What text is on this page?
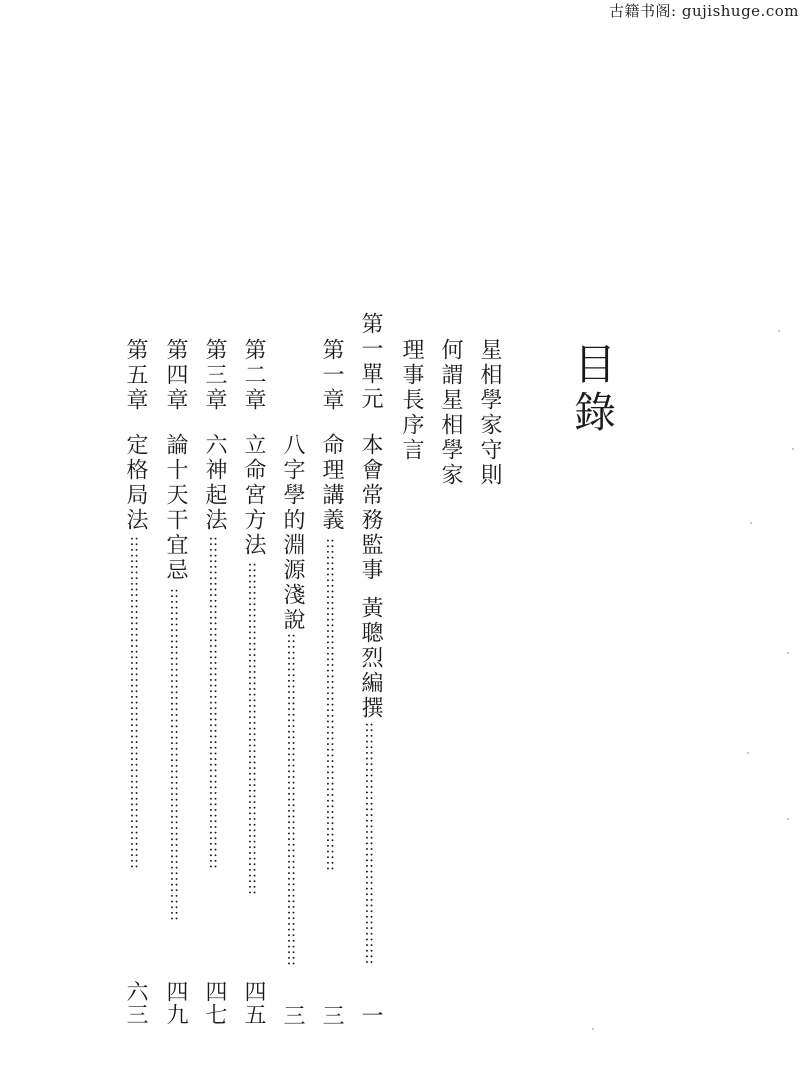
古籍书阁: gujishuge.com
目錄
星相學家守則
何謂星相學家
理事長序言
第一單元
本會常務監事
黃聰烈編撰
:::::::::::::::::::::::::::::::::::::::::::
一
第一章
命理講義
:::::::::::::::::::::::::::::::::::::::::::::::::::::::::::
三
八字學的淵源淺說
:::::::::::::::::::::::::::::::::::::::::::::::::::::::::::
三
第二章
立命宮方法
:::::::::::::::::::::::::::::::::::::::::::::::::::::::::::
四五
第三章
六神起法
:::::::::::::::::::::::::::::::::::::::::::::::::::::::::::
四七
第四章
論十天干宜忌
:::::::::::::::::::::::::::::::::::::::::::::::::::::::::::
四九
第五章
定格局法
:::::::::::::::::::::::::::::::::::::::::::::::::::::::::::
六三
